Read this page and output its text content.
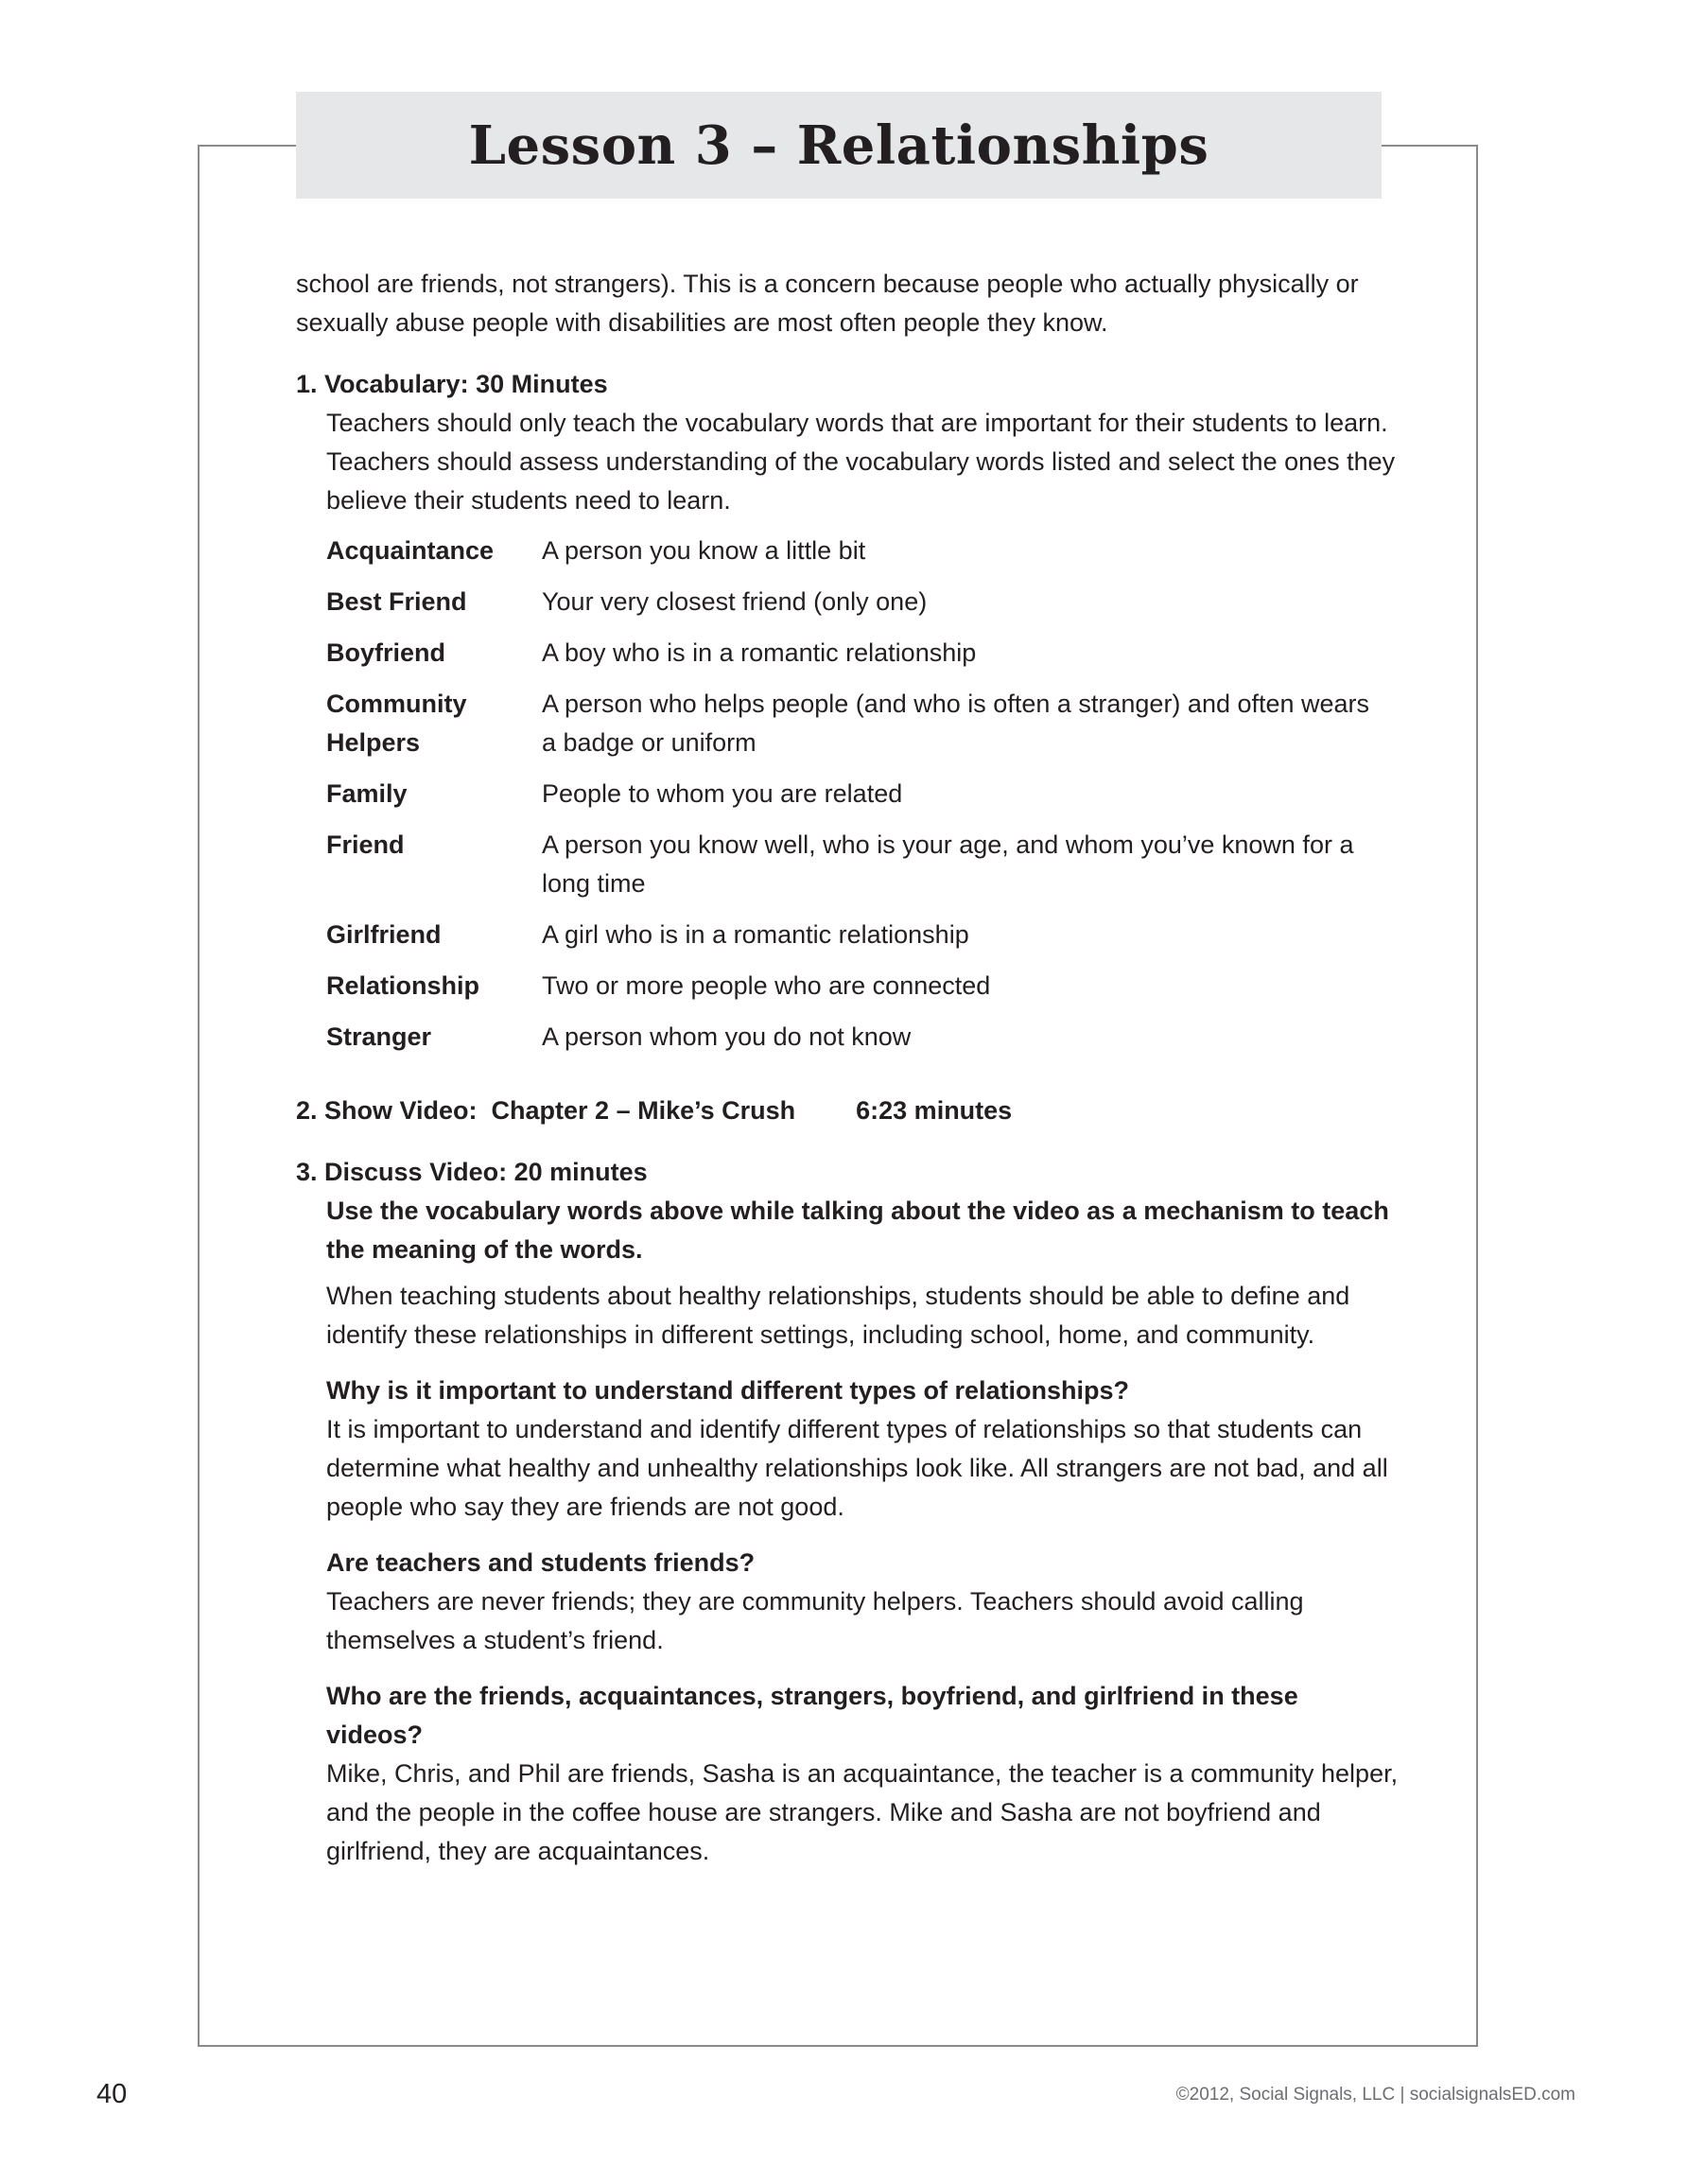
Lesson 3 – Relationships

school are friends, not strangers). This is a concern because people who actually physically or sexually abuse people with disabilities are most often people they know.

1. Vocabulary: 30 Minutes

Teachers should only teach the vocabulary words that are important for their students to learn. Teachers should assess understanding of the vocabulary words listed and select the ones they believe their students need to learn.

Acquaintance	A person you know a little bit
Best Friend	Your very closest friend (only one)
Boyfriend	A boy who is in a romantic relationship
Community Helpers	A person who helps people (and who is often a stranger) and often wears a badge or uniform
Family	People to whom you are related
Friend	A person you know well, who is your age, and whom you’ve known for a long time
Girlfriend	A girl who is in a romantic relationship
Relationship	Two or more people who are connected
Stranger	A person whom you do not know

2. Show Video:  Chapter 2 – Mike’s Crush 6:23 minutes

3. Discuss Video: 20 minutes

Use the vocabulary words above while talking about the video as a mechanism to teach the meaning of the words.

When teaching students about healthy relationships, students should be able to define and identify these relationships in different settings, including school, home, and community.

Why is it important to understand different types of relationships?

It is important to understand and identify different types of relationships so that students can determine what healthy and unhealthy relationships look like. All strangers are not bad, and all people who say they are friends are not good.

Are teachers and students friends?

Teachers are never friends; they are community helpers. Teachers should avoid calling themselves a student’s friend.

Who are the friends, acquaintances, strangers, boyfriend, and girlfriend in these videos?

Mike, Chris, and Phil are friends, Sasha is an acquaintance, the teacher is a community helper, and the people in the coffee house are strangers. Mike and Sasha are not boyfriend and girlfriend, they are acquaintances.

40	©2012, Social Signals, LLC | socialsignalsED.com
